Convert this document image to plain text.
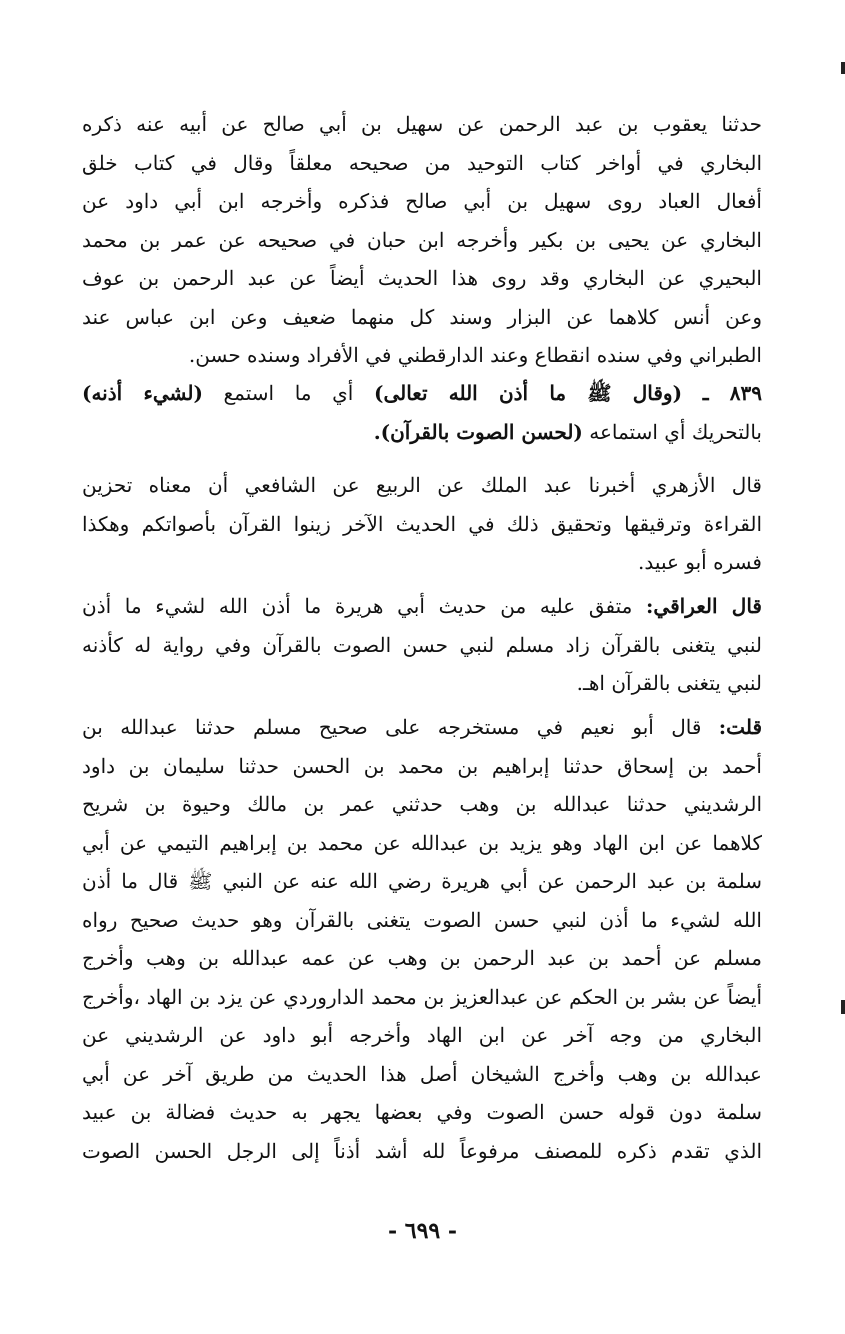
حدثنا يعقوب بن عبد الرحمن عن سهيل بن أبي صالح عن أبيه عنه ذكره
البخاري في أواخر كتاب التوحيد من صحيحه معلقاً وقال في كتاب خلق
أفعال العباد روى سهيل بن أبي صالح فذكره وأخرجه ابن أبي داود عن
البخاري عن يحيى بن بكير وأخرجه ابن حبان في صحيحه عن عمر بن محمد
البحيري عن البخاري وقد روى هذا الحديث أيضاً عن عبد الرحمن بن عوف
وعن أنس كلاهما عن البزار وسند كل منهما ضعيف وعن ابن عباس عند
الطبراني وفي سنده انقطاع وعند الدارقطني في الأفراد وسنده حسن.
٨٣٩ ـ (وقال ﷺ ما أذن الله تعالى) أي ما استمع (لشيء أذنه)
بالتحريك أي استماعه (لحسن الصوت بالقرآن).
قال الأزهري أخبرنا عبد الملك عن الربيع عن الشافعي أن معناه تحزين
القراءة وترقيقها وتحقيق ذلك في الحديث الآخر زينوا القرآن بأصواتكم وهكذا
فسره أبو عبيد.
قال العراقي: متفق عليه من حديث أبي هريرة ما أذن الله لشيء ما أذن
لنبي يتغنى بالقرآن زاد مسلم لنبي حسن الصوت بالقرآن وفي رواية له كأذنه
لنبي يتغنى بالقرآن اهـ.
قلت: قال أبو نعيم في مستخرجه على صحيح مسلم حدثنا عبدالله بن
أحمد بن إسحاق حدثنا إبراهيم بن محمد بن الحسن حدثنا سليمان بن داود
الرشديني حدثنا عبدالله بن وهب حدثني عمر بن مالك وحيوة بن شريح
كلاهما عن ابن الهاد وهو يزيد بن عبدالله عن محمد بن إبراهيم التيمي عن أبي
سلمة بن عبد الرحمن عن أبي هريرة رضي الله عنه عن النبي ﷺ قال ما أذن
الله لشيء ما أذن لنبي حسن الصوت يتغنى بالقرآن وهو حديث صحيح رواه
مسلم عن أحمد بن عبد الرحمن بن وهب عن عمه عبدالله بن وهب وأخرج
أيضاً عن بشر بن الحكم عن عبدالعزيز بن محمد الداروردي عن يزد بن الهاد ،وأخرج
البخاري من وجه آخر عن ابن الهاد وأخرجه أبو داود عن الرشديني عن
عبدالله بن وهب وأخرج الشيخان أصل هذا الحديث من طريق آخر عن أبي
سلمة دون قوله حسن الصوت وفي بعضها يجهر به حديث فضالة بن عبيد
الذي تقدم ذكره للمصنف مرفوعاً لله أشد أذناً إلى الرجل الحسن الصوت
- ٦٩٩ -
